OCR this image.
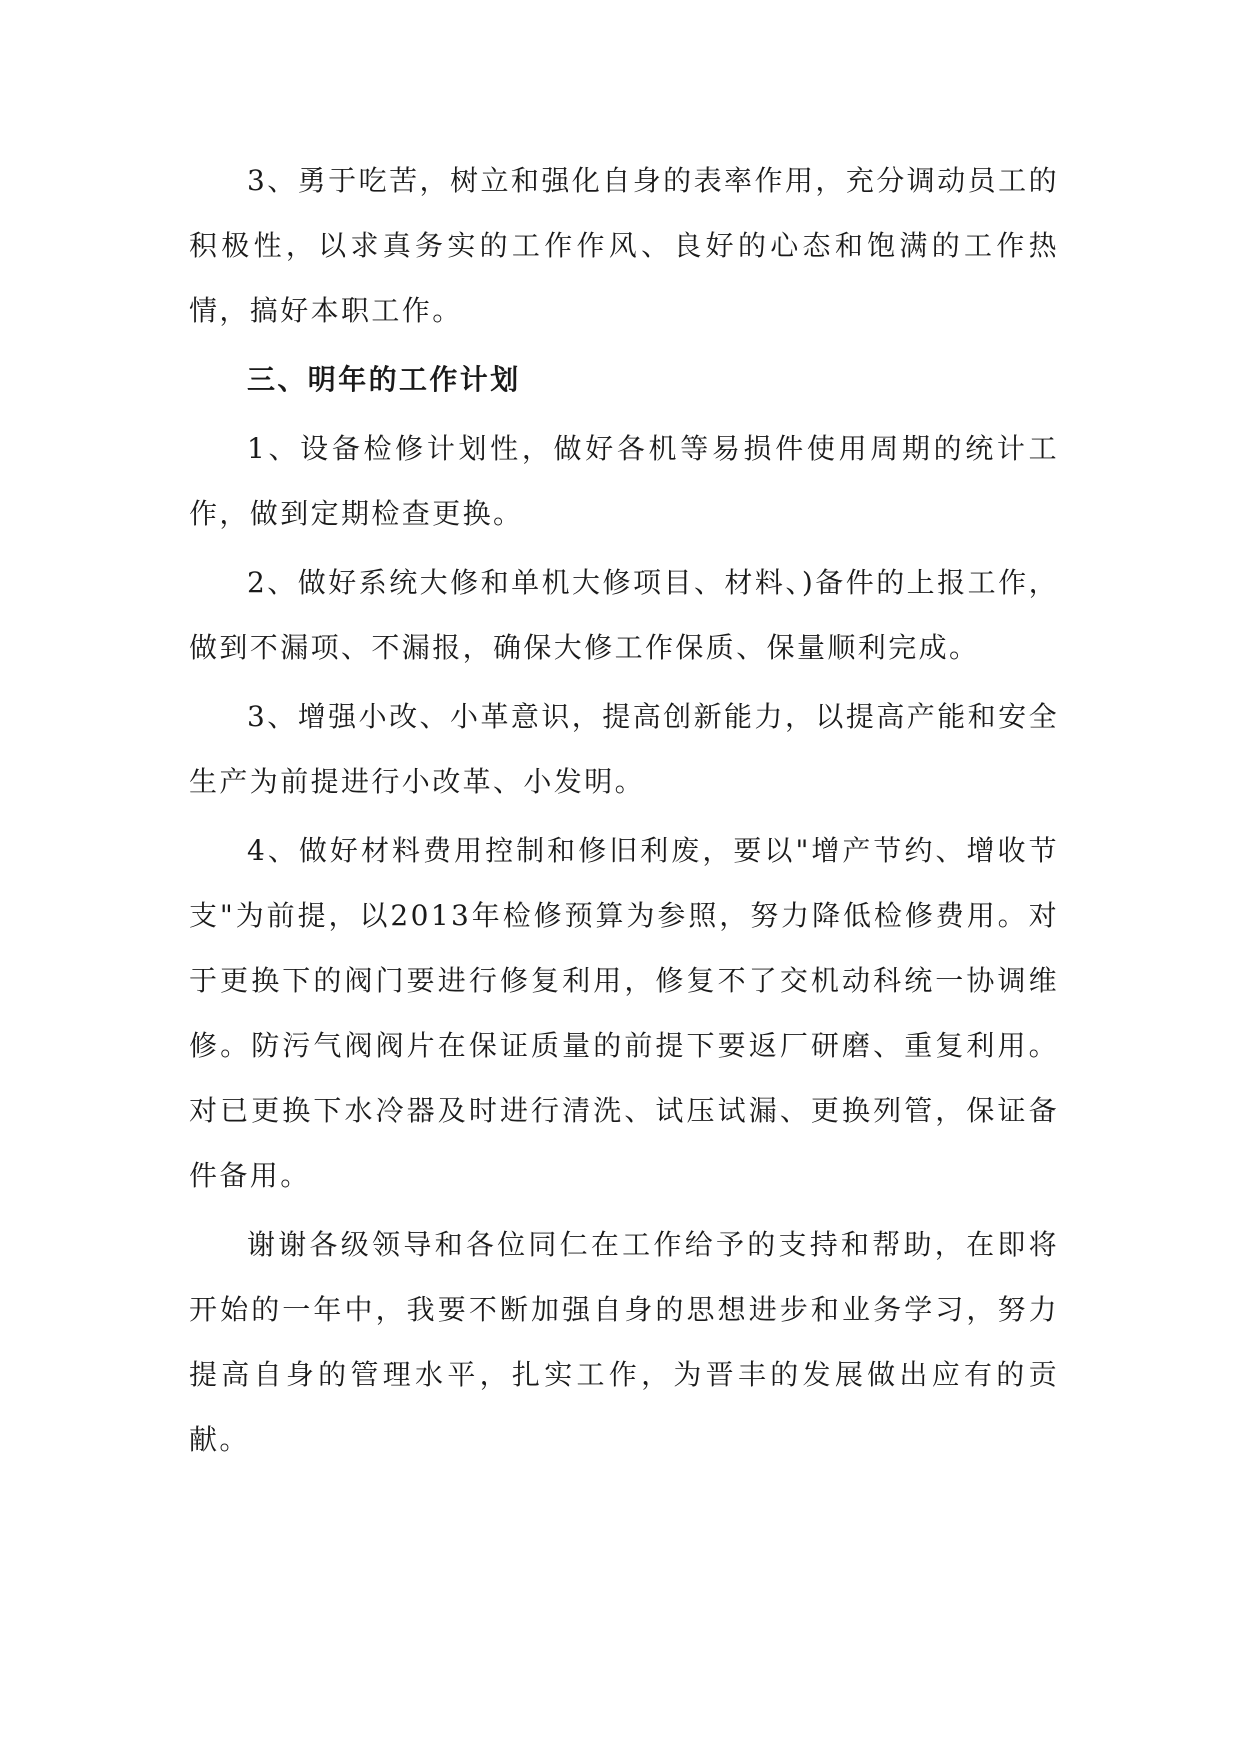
3、勇于吃苦，树立和强化自身的表率作用，充分调动员工的积极性，以求真务实的工作作风、良好的心态和饱满的工作热情，搞好本职工作。

三、明年的工作计划

1、设备检修计划性，做好各机等易损件使用周期的统计工作，做到定期检查更换。

2、做好系统大修和单机大修项目、材料、)备件的上报工作，做到不漏项、不漏报，确保大修工作保质、保量顺利完成。

3、增强小改、小革意识，提高创新能力，以提高产能和安全生产为前提进行小改革、小发明。

4、做好材料费用控制和修旧利废，要以"增产节约、增收节支"为前提，以2013年检修预算为参照，努力降低检修费用。对于更换下的阀门要进行修复利用，修复不了交机动科统一协调维修。防污气阀阀片在保证质量的前提下要返厂研磨、重复利用。对已更换下水冷器及时进行清洗、试压试漏、更换列管，保证备件备用。

谢谢各级领导和各位同仁在工作给予的支持和帮助，在即将开始的一年中，我要不断加强自身的思想进步和业务学习，努力提高自身的管理水平，扎实工作，为晋丰的发展做出应有的贡献。
